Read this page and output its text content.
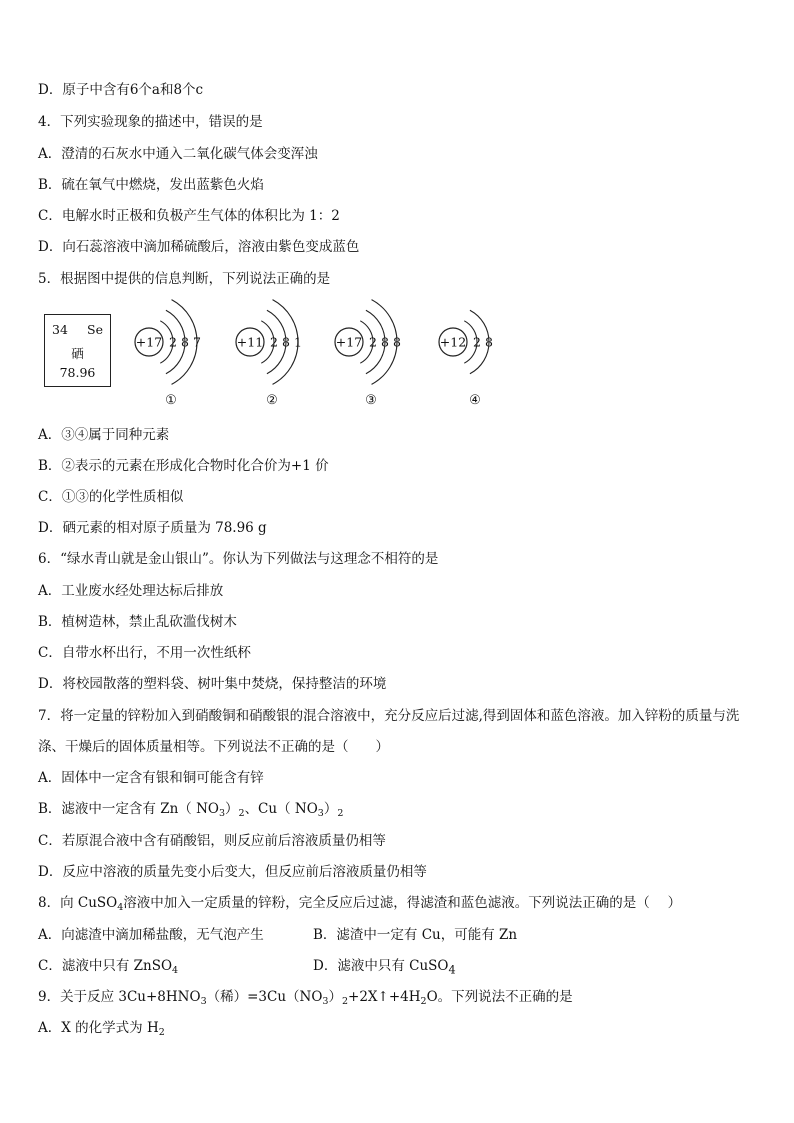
D．原子中含有6个a和8个c
4．下列实验现象的描述中，错误的是
A．澄清的石灰水中通入二氧化碳气体会变浑浊
B．硫在氧气中燃烧，发出蓝紫色火焰
C．电解水时正极和负极产生气体的体积比为 1：2
D．向石蕊溶液中滴加稀硫酸后，溶液由紫色变成蓝色
5．根据图中提供的信息判断，下列说法正确的是
34 Se
硒
78.96
+17 2 8 7
①
+11 2 8 1
②
+17 2 8 8
③
+12 2 8
④
A．③④属于同种元素
B．②表示的元素在形成化合物时化合价为+1 价
C．①③的化学性质相似
D．硒元素的相对原子质量为 78.96 g
6．“绿水青山就是金山银山”。你认为下列做法与这理念不相符的是
A．工业废水经处理达标后排放
B．植树造林，禁止乱砍滥伐树木
C．自带水杯出行，不用一次性纸杯
D．将校园散落的塑料袋、树叶集中焚烧，保持整洁的环境
7．将一定量的锌粉加入到硝酸铜和硝酸银的混合溶液中，充分反应后过滤,得到固体和蓝色溶液。加入锌粉的质量与洗
涤、干燥后的固体质量相等。下列说法不正确的是（　　）
A．固体中一定含有银和铜可能含有锌
B．滤液中一定含有 Zn（ $NO_3)_2$、Cu（ $NO_3)_2$
C．若原混合液中含有硝酸铝，则反应前后溶液质量仍相等
D．反应中溶液的质量先变小后变大，但反应前后溶液质量仍相等
8．向 CuSO$_4$溶液中加入一定质量的锌粉，完全反应后过滤，得滤渣和蓝色滤液。下列说法正确的是（　 ）
A．向滤渣中滴加稀盐酸，无气泡产生	B．滤渣中一定有 Cu，可能有 Zn
C．滤液中只有 ZnSO$_4$	D．滤液中只有 CuSO$_4$
9．关于反应 $3Cu+8HNO_3$（稀）$=3Cu(NO_3)_2+2X↑+4H_2O$。下列说法不正确的是
A．X 的化学式为 $H_2$
